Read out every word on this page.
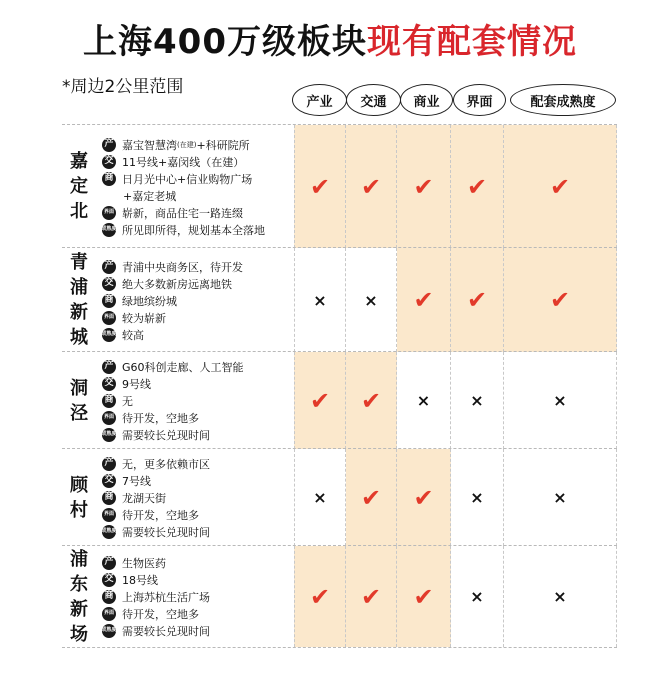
上海400万级板块现有配套情况
*周边2公里范围
产业	交通	商业	界面	配套成熟度
嘉
定
北
产 嘉宝智慧湾 (在建) +科研院所
交 11号线+嘉闵线（在建）
商 日月光中心+信业购物广场
+嘉定老城
界面 崭新，商品住宅一路连缀
成熟度 所见即所得，规划基本全落地
✔ ✔ ✔ ✔	✔
青
浦
新
城
产 青浦中央商务区，待开发
交 绝大多数新房远离地铁
商 绿地缤纷城
界面 较为崭新
成熟度 较高
× × ✔ ✔	✔
洞
泾
产 G60科创走廊、人工智能
交 9号线
商 无
界面 待开发，空地多
成熟度 需要较长兑现时间
✔ ✔ ×	×	×
顾
村
产 无，更多依赖市区
交 7号线
商 龙湖天街
界面 待开发，空地多
成熟度 需要较长兑现时间
× ✔ ✔ ×	×
浦
东
新
场
产 生物医药
交 18号线
商 上海苏杭生活广场
界面 待开发，空地多
成熟度 需要较长兑现时间
✔ ✔ ✔ ×	×
